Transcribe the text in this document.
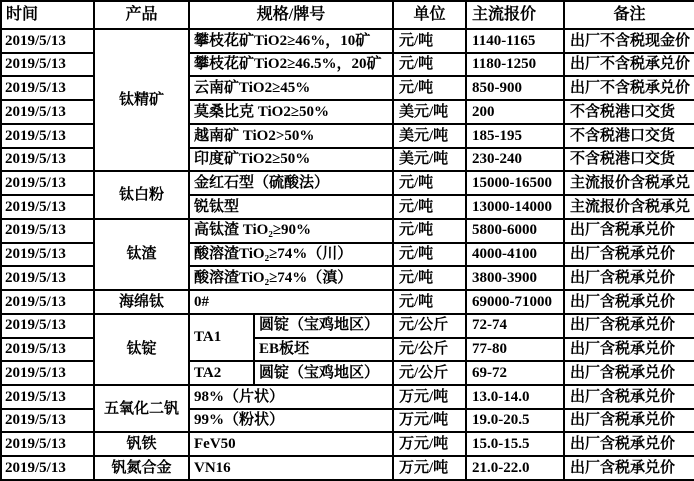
时间	产品	规格/牌号		单位	主流报价	备注
2019/5/13	钛精矿	攀枝花矿TiO2≥46%，10矿		元/吨	1140-1165	出厂不含税现金价
2019/5/13		攀枝花矿TiO2≥46.5%，20矿		元/吨	1180-1250	出厂不含税承兑价
2019/5/13		云南矿TiO2≥45%		元/吨	850-900	出厂不含税承兑价
2019/5/13		莫桑比克 TiO2≥50%		美元/吨	200	不含税港口交货
2019/5/13		越南矿 TiO2>50%		美元/吨	185-195	不含税港口交货
2019/5/13		印度矿TiO2≥50%		美元/吨	230-240	不含税港口交货
2019/5/13	钛白粉	金红石型（硫酸法）		元/吨	15000-16500	主流报价含税承兑
2019/5/13		锐钛型		元/吨	13000-14000	主流报价含税承兑
2019/5/13	钛渣	高钛渣 TiO₂≥90%		元/吨	5800-6000	出厂含税承兑价
2019/5/13		酸溶渣TiO₂≥74%（川）		元/吨	4000-4100	出厂含税承兑价
2019/5/13		酸溶渣TiO₂≥74%（滇）		元/吨	3800-3900	出厂含税承兑价
2019/5/13	海绵钛	0#		元/吨	69000-71000	出厂含税承兑价
2019/5/13	钛锭	TA1	圆锭（宝鸡地区）	元/公斤	72-74	出厂含税承兑价
2019/5/13			EB板坯	元/公斤	77-80	出厂含税承兑价
2019/5/13		TA2	圆锭（宝鸡地区）	元/公斤	69-72	出厂含税承兑价
2019/5/13	五氧化二钒	98%（片状）		万元/吨	13.0-14.0	出厂含税承兑价
2019/5/13		99%（粉状）		万元/吨	19.0-20.5	出厂含税承兑价
2019/5/13	钒铁	FeV50		万元/吨	15.0-15.5	出厂含税承兑价
2019/5/13	钒氮合金	VN16		万元/吨	21.0-22.0	出厂含税承兑价
